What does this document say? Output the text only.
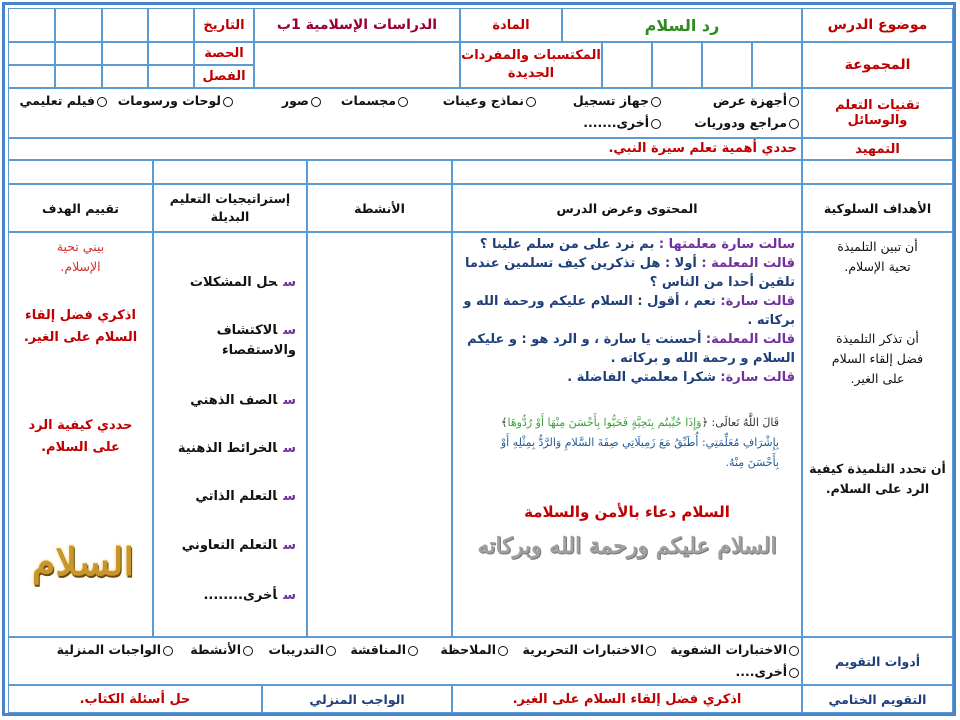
موضوع الدرس
رد السلام
المادة
الدراسات الإسلامية 1ب
التاريخ
المجموعة
المكتسبات والمفردات الجديدة
الحصة
الفصل
تقنيات التعلم والوسائل
أجهزة عرض
جهاز تسجيل
نماذج وعينات
مجسمات
صور
لوحات ورسومات
فيلم تعليمي
مراجع ودوريات
أخرى.......
التمهيد
حددي أهمية تعلم سيرة النبي.
الأهداف السلوكية
المحتوى وعرض الدرس
الأنشطة
إستراتيجيات التعليم البديلة
تقييم الهدف
أن تبين التلميذة تحية الإسلام.
أن تذكر التلميذة فضل إلقاء السلام على الغير.
أن تحدد التلميذة كيفية الرد على السلام.
سالت سارة معلمتها : بم نرد على من سلم علينا ؟
قالت المعلمة : أولا : هل تذكرين كيف تسلمين عندما تلقين أحدا من الناس ؟
قالت سارة: نعم ، أقول : السلام عليكم ورحمة الله و بركاته .
قالت المعلمة: أحسنت يا سارة ، و الرد هو : و عليكم السلام و رحمة الله و بركاته .
قالت سارة: شكرا معلمتي الفاضلة .
قَالَ اللَّهُ تَعالَى: ﴿وَإِذَا حُيِّيتُم بِتَحِيَّةٍ فَحَيُّوا بِأَحْسَنَ مِنْهَا أَوْ رُدُّوهَا﴾
بِإِشْرَافِ مُعَلِّمَتِي: أُطَبِّقُ مَعَ زَمِيلَاتِي صِفَةَ السَّلامِ وَالرَّدُّ بِمِثْلِهِ أَوْ بِأَحْسَنَ مِنْهُ.
السلام دعاء بالأمن والسلامة
السلام عليكم ورحمة الله وبركاته
سحل المشكلات
سالاكتشاف والاستقصاء
سالصف الذهني
سالخرائط الذهنية
سالتعلم الذاتي
سالتعلم التعاوني
سأخرى........
بيني تحية الإسلام.
اذكري فضل إلقاء السلام على الغير.
حددي كيفية الرد على السلام.
السلام
أدوات التقويم
الاختبارات الشفوية
الاختبارات التحريرية
الملاحظة
المناقشة
التدريبات
الأنشطة
الواجبات المنزلية
أخرى....
التقويم الختامي
اذكري فضل إلقاء السلام على الغير.
الواجب المنزلي
حل أسئلة الكتاب.
